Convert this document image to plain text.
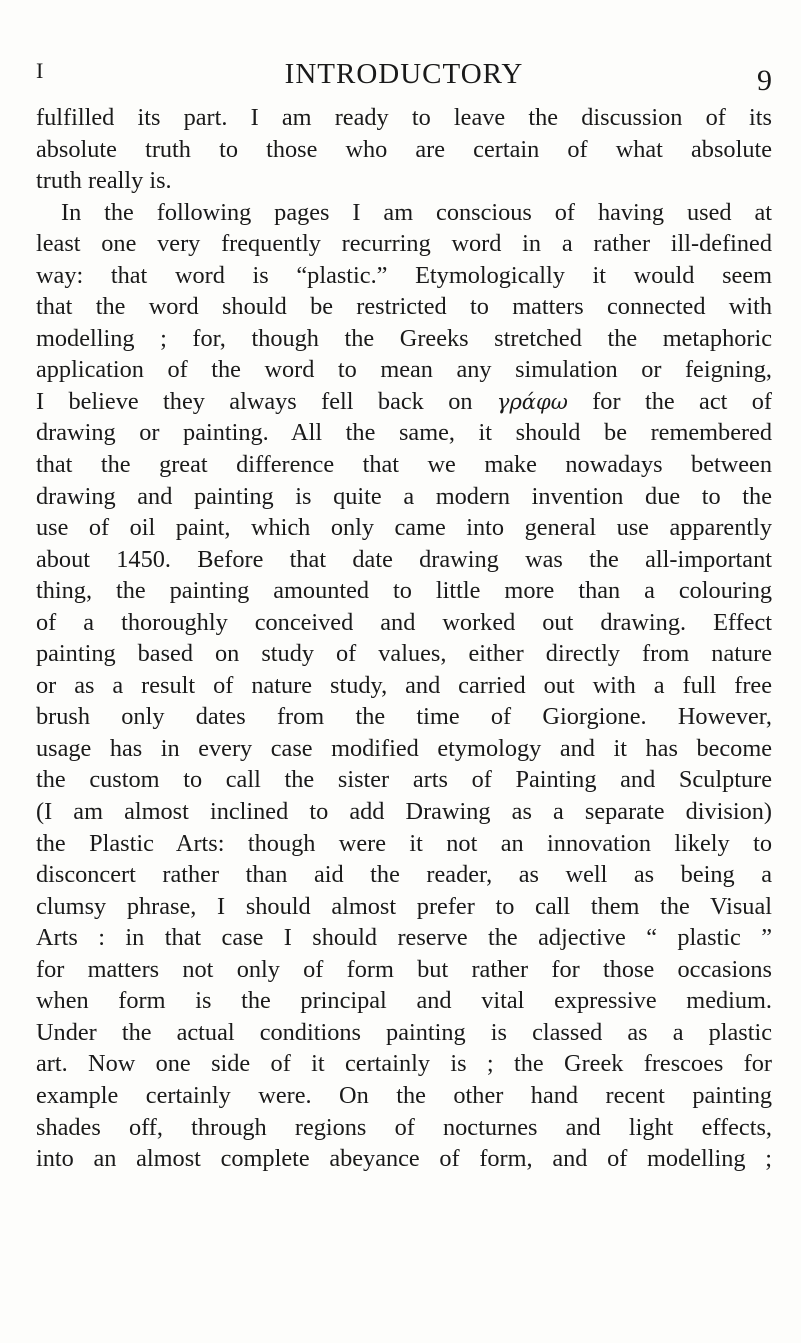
I	INTRODUCTORY	9
fulfilled its part. I am ready to leave the discussion of its
absolute truth to those who are certain of what absolute
truth really is.
In the following pages I am conscious of having used at
least one very frequently recurring word in a rather ill-defined
way: that word is “plastic.” Etymologically it would seem
that the word should be restricted to matters connected with
modelling ; for, though the Greeks stretched the metaphoric
application of the word to mean any simulation or feigning,
I believe they always fell back on γράφω for the act of
drawing or painting. All the same, it should be remembered
that the great difference that we make nowadays between
drawing and painting is quite a modern invention due to the
use of oil paint, which only came into general use apparently
about 1450. Before that date drawing was the all-important
thing, the painting amounted to little more than a colouring
of a thoroughly conceived and worked out drawing. Effect
painting based on study of values, either directly from nature
or as a result of nature study, and carried out with a full free
brush only dates from the time of Giorgione. However,
usage has in every case modified etymology and it has become
the custom to call the sister arts of Painting and Sculpture
(I am almost inclined to add Drawing as a separate division)
the Plastic Arts: though were it not an innovation likely to
disconcert rather than aid the reader, as well as being a
clumsy phrase, I should almost prefer to call them the Visual
Arts : in that case I should reserve the adjective “ plastic ”
for matters not only of form but rather for those occasions
when form is the principal and vital expressive medium.
Under the actual conditions painting is classed as a plastic
art. Now one side of it certainly is ; the Greek frescoes for
example certainly were. On the other hand recent painting
shades off, through regions of nocturnes and light effects,
into an almost complete abeyance of form, and of modelling ;
